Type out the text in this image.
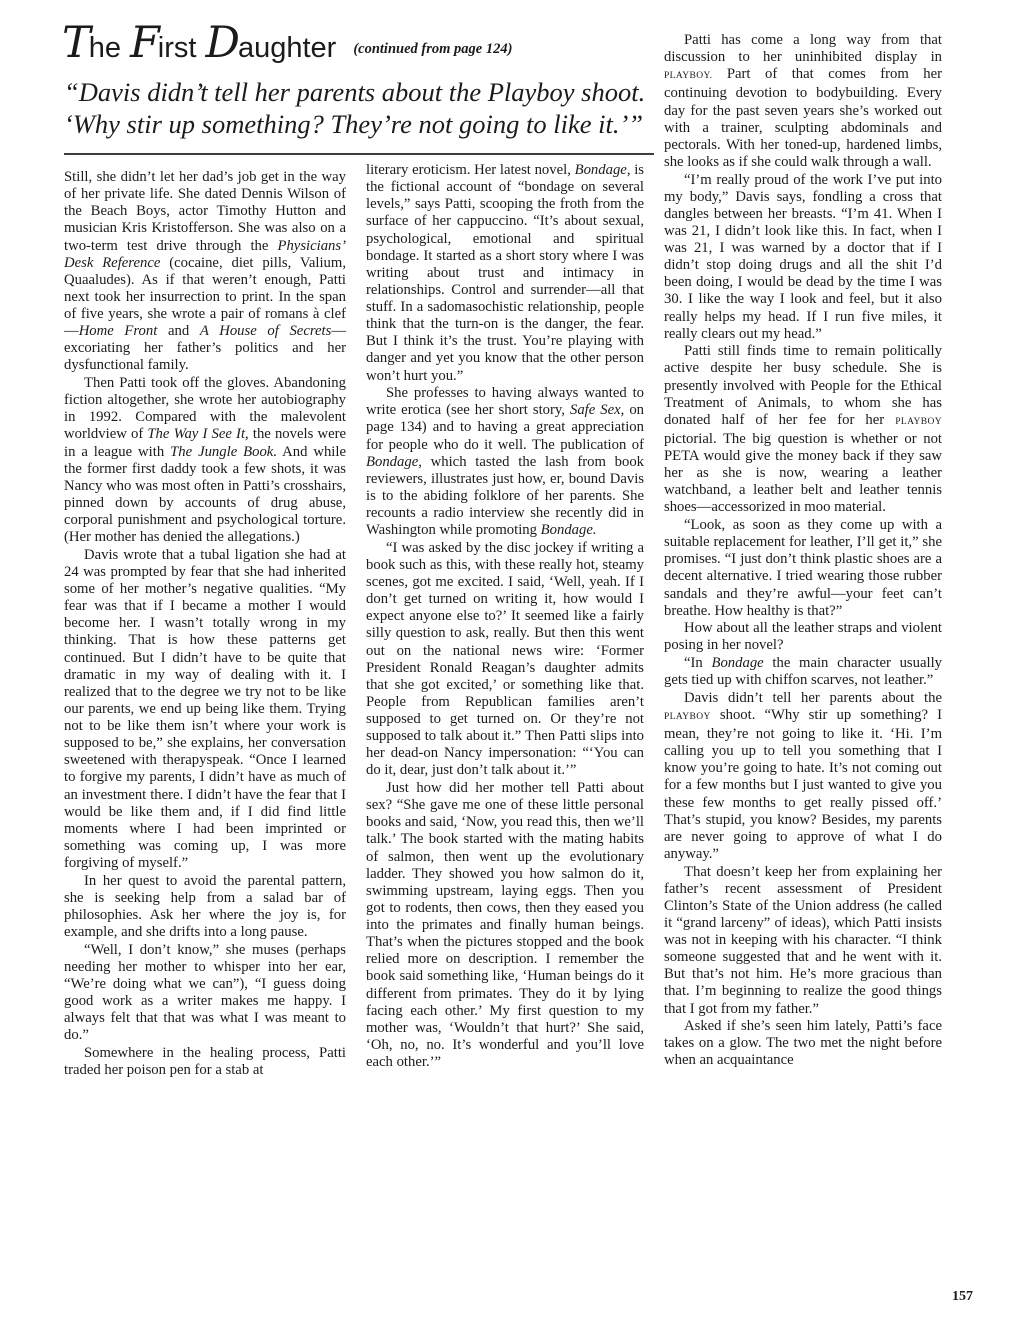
The First Daughter (continued from page 124)

“Davis didn’t tell her parents about the Playboy shoot. ‘Why stir up something? They’re not going to like it.’”

Still, she didn’t let her dad’s job get in the way of her private life. She dated Dennis Wilson of the Beach Boys, actor Timothy Hutton and musician Kris Kristofferson. She was also on a two-term test drive through the Physicians’ Desk Reference (cocaine, diet pills, Valium, Quaaludes). As if that weren’t enough, Patti next took her insurrection to print. In the span of five years, she wrote a pair of romans à clef—Home Front and A House of Secrets—excoriating her father’s politics and her dysfunctional family.

Then Patti took off the gloves. Abandoning fiction altogether, she wrote her autobiography in 1992. Compared with the malevolent worldview of The Way I See It, the novels were in a league with The Jungle Book. And while the former first daddy took a few shots, it was Nancy who was most often in Patti’s crosshairs, pinned down by accounts of drug abuse, corporal punishment and psychological torture. (Her mother has denied the allegations.)

Davis wrote that a tubal ligation she had at 24 was prompted by fear that she had inherited some of her mother’s negative qualities. “My fear was that if I became a mother I would become her. I wasn’t totally wrong in my thinking. That is how these patterns get continued. But I didn’t have to be quite that dramatic in my way of dealing with it. I realized that to the degree we try not to be like our parents, we end up being like them. Trying not to be like them isn’t where your work is supposed to be,” she explains, her conversation sweetened with therapyspeak. “Once I learned to forgive my parents, I didn’t have as much of an investment there. I didn’t have the fear that I would be like them and, if I did find little moments where I had been imprinted or something was coming up, I was more forgiving of myself.”

In her quest to avoid the parental pattern, she is seeking help from a salad bar of philosophies. Ask her where the joy is, for example, and she drifts into a long pause.

“Well, I don’t know,” she muses (perhaps needing her mother to whisper into her ear, “We’re doing what we can”), “I guess doing good work as a writer makes me happy. I always felt that that was what I was meant to do.”

Somewhere in the healing process, Patti traded her poison pen for a stab at

literary eroticism. Her latest novel, Bondage, is the fictional account of “bondage on several levels,” says Patti, scooping the froth from the surface of her cappuccino. “It’s about sexual, psychological, emotional and spiritual bondage. It started as a short story where I was writing about trust and intimacy in relationships. Control and surrender—all that stuff. In a sadomasochistic relationship, people think that the turn-on is the danger, the fear. But I think it’s the trust. You’re playing with danger and yet you know that the other person won’t hurt you.”

She professes to having always wanted to write erotica (see her short story, Safe Sex, on page 134) and to having a great appreciation for people who do it well. The publication of Bondage, which tasted the lash from book reviewers, illustrates just how, er, bound Davis is to the abiding folklore of her parents. She recounts a radio interview she recently did in Washington while promoting Bondage.

“I was asked by the disc jockey if writing a book such as this, with these really hot, steamy scenes, got me excited. I said, ‘Well, yeah. If I don’t get turned on writing it, how would I expect anyone else to?’ It seemed like a fairly silly question to ask, really. But then this went out on the national news wire: ‘Former President Ronald Reagan’s daughter admits that she got excited,’ or something like that. People from Republican families aren’t supposed to get turned on. Or they’re not supposed to talk about it.” Then Patti slips into her dead-on Nancy impersonation: “‘You can do it, dear, just don’t talk about it.’”

Just how did her mother tell Patti about sex? “She gave me one of these little personal books and said, ‘Now, you read this, then we’ll talk.’ The book started with the mating habits of salmon, then went up the evolutionary ladder. They showed you how salmon do it, swimming upstream, laying eggs. Then you got to rodents, then cows, then they eased you into the primates and finally human beings. That’s when the pictures stopped and the book relied more on description. I remember the book said something like, ‘Human beings do it different from primates. They do it by lying facing each other.’ My first question to my mother was, ‘Wouldn’t that hurt?’ She said, ‘Oh, no, no. It’s wonderful and you’ll love each other.’”

Patti has come a long way from that discussion to her uninhibited display in PLAYBOY. Part of that comes from her continuing devotion to bodybuilding. Every day for the past seven years she’s worked out with a trainer, sculpting abdominals and pectorals. With her toned-up, hardened limbs, she looks as if she could walk through a wall.

“I’m really proud of the work I’ve put into my body,” Davis says, fondling a cross that dangles between her breasts. “I’m 41. When I was 21, I didn’t look like this. In fact, when I was 21, I was warned by a doctor that if I didn’t stop doing drugs and all the shit I’d been doing, I would be dead by the time I was 30. I like the way I look and feel, but it also really helps my head. If I run five miles, it really clears out my head.”

Patti still finds time to remain politically active despite her busy schedule. She is presently involved with People for the Ethical Treatment of Animals, to whom she has donated half of her fee for her PLAYBOY pictorial. The big question is whether or not PETA would give the money back if they saw her as she is now, wearing a leather watchband, a leather belt and leather tennis shoes—accessorized in moo material.

“Look, as soon as they come up with a suitable replacement for leather, I’ll get it,” she promises. “I just don’t think plastic shoes are a decent alternative. I tried wearing those rubber sandals and they’re awful—your feet can’t breathe. How healthy is that?”

How about all the leather straps and violent posing in her novel?

“In Bondage the main character usually gets tied up with chiffon scarves, not leather.”

Davis didn’t tell her parents about the PLAYBOY shoot. “Why stir up something? I mean, they’re not going to like it. ‘Hi. I’m calling you up to tell you something that I know you’re going to hate. It’s not coming out for a few months but I just wanted to give you these few months to get really pissed off.’ That’s stupid, you know? Besides, my parents are never going to approve of what I do anyway.”

That doesn’t keep her from explaining her father’s recent assessment of President Clinton’s State of the Union address (he called it “grand larceny” of ideas), which Patti insists was not in keeping with his character. “I think someone suggested that and he went with it. But that’s not him. He’s more gracious than that. I’m beginning to realize the good things that I got from my father.”

Asked if she’s seen him lately, Patti’s face takes on a glow. The two met the night before when an acquaintance

157
